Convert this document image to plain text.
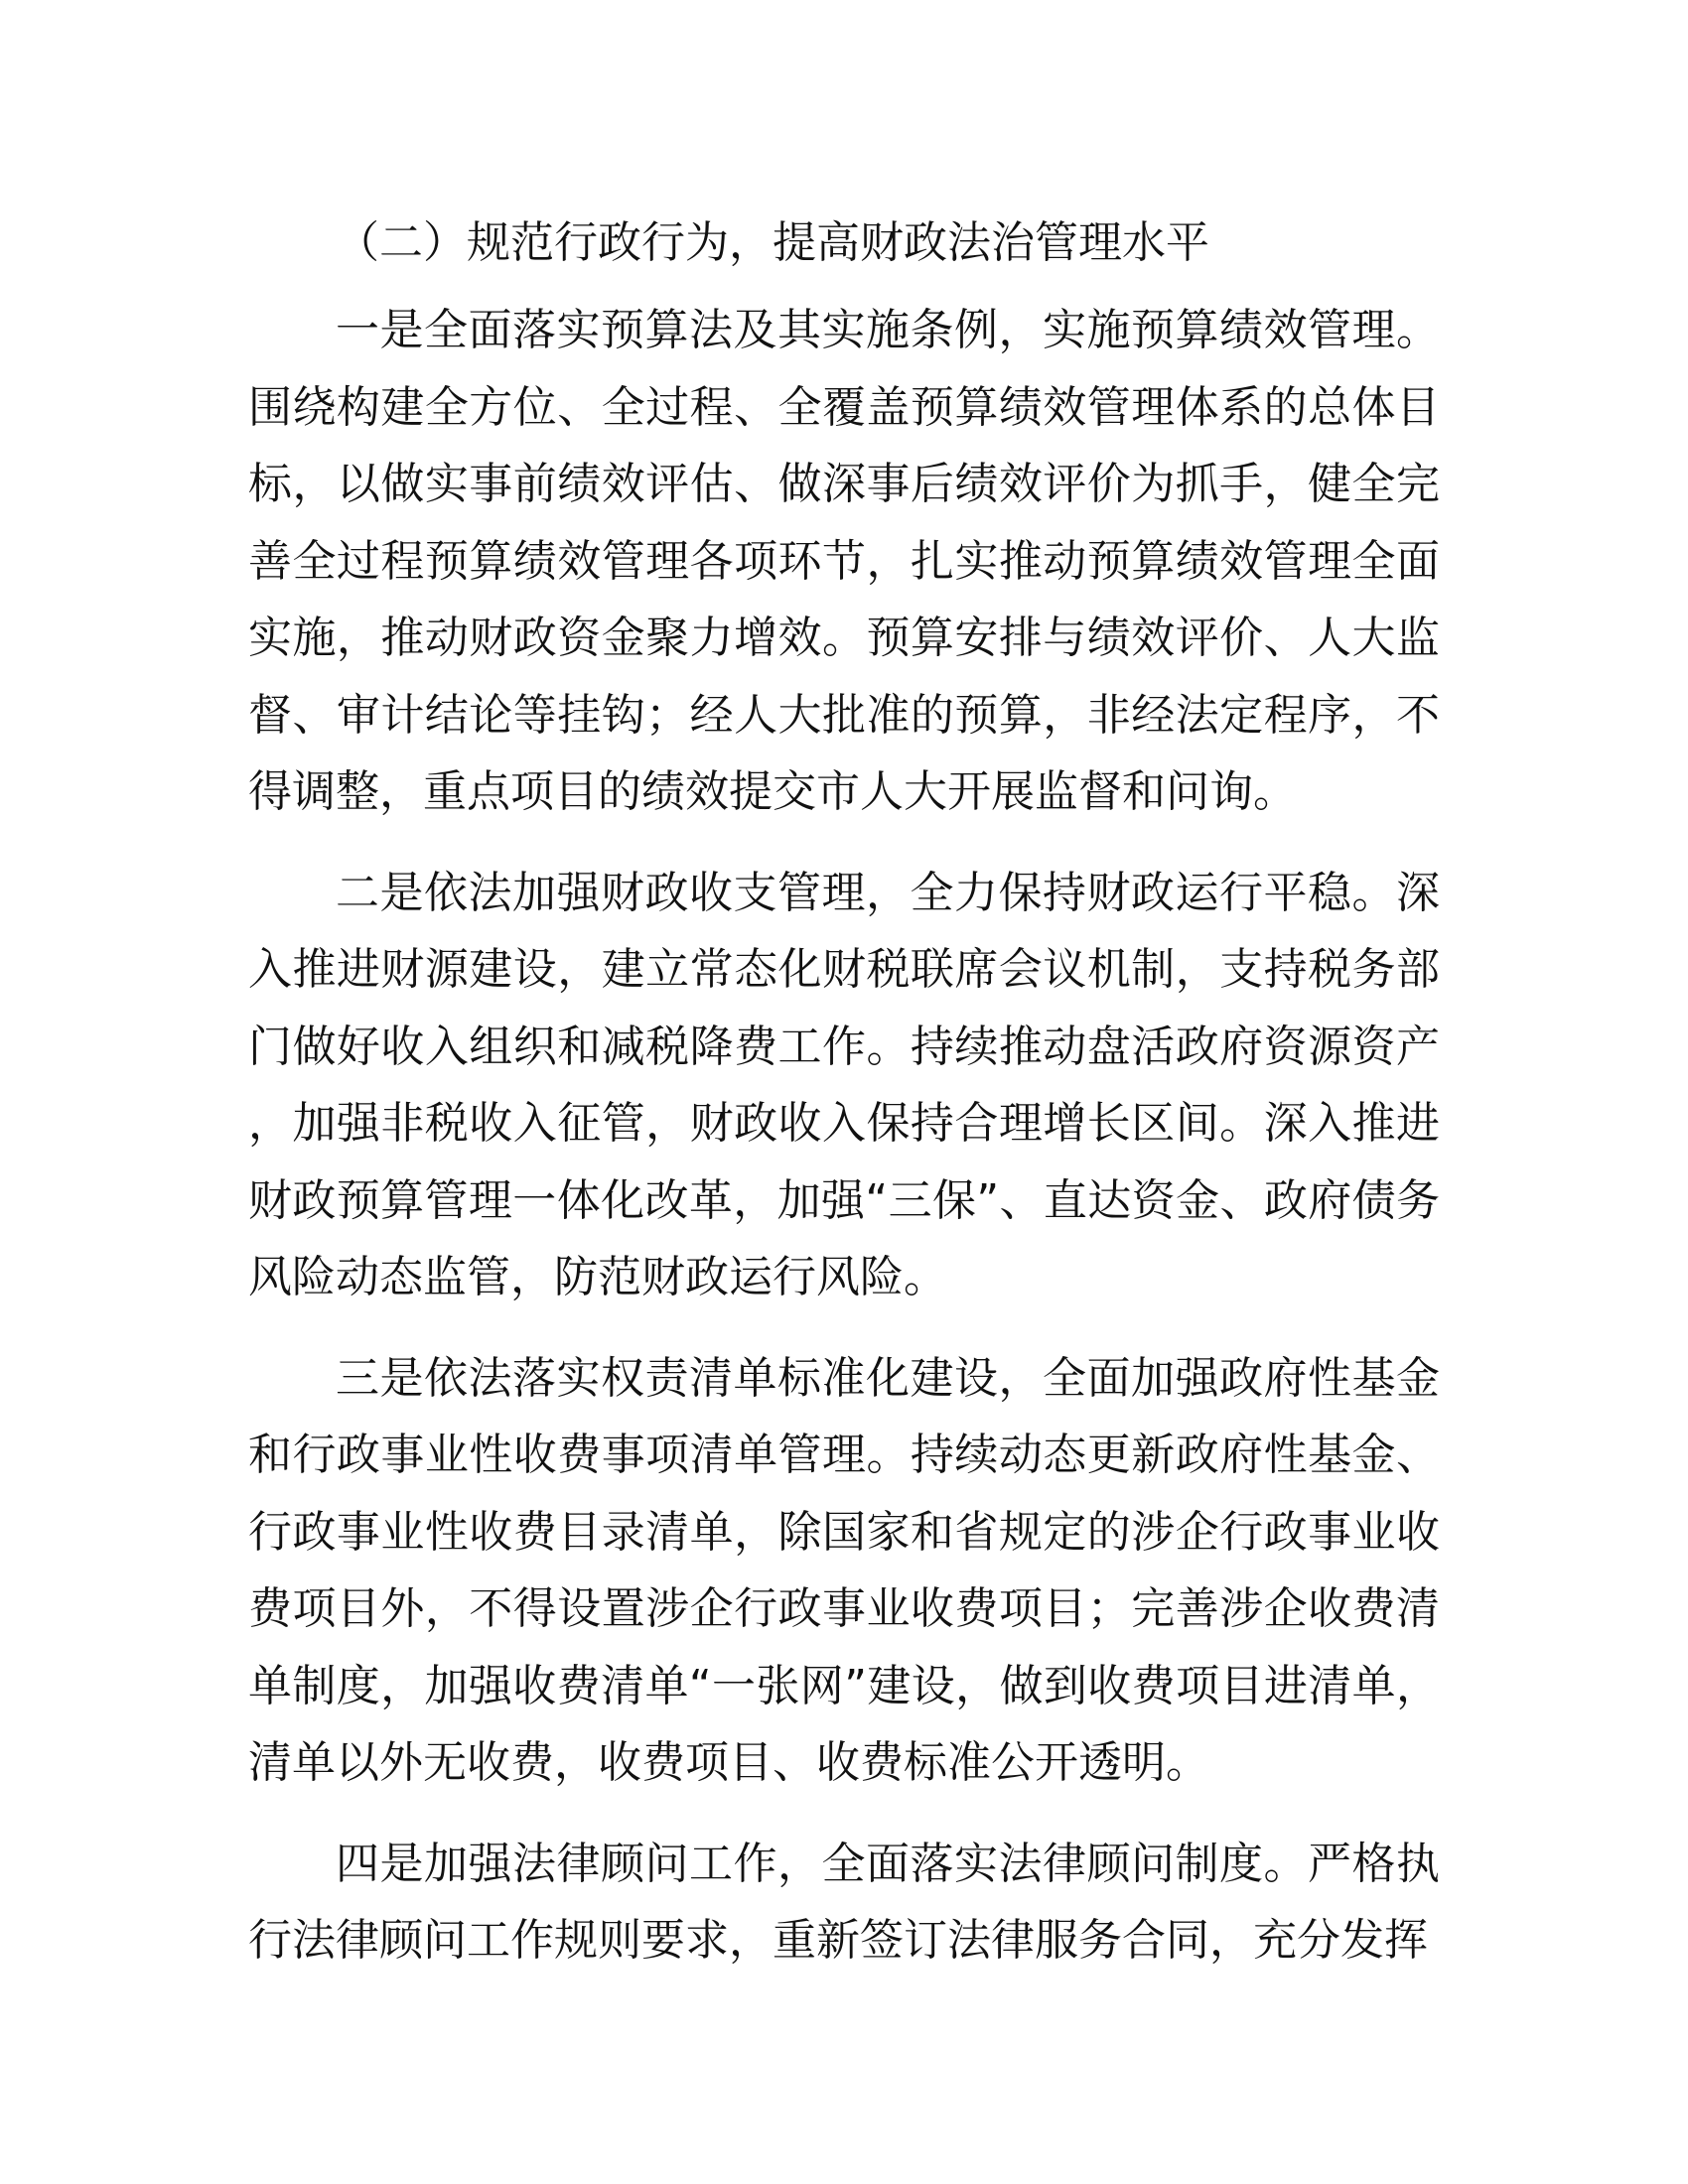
（二）规范行政行为，提高财政法治管理水平

一是全面落实预算法及其实施条例，实施预算绩效管理。围绕构建全方位、全过程、全覆盖预算绩效管理体系的总体目标，以做实事前绩效评估、做深事后绩效评价为抓手，健全完善全过程预算绩效管理各项环节，扎实推动预算绩效管理全面实施，推动财政资金聚力增效。预算安排与绩效评价、人大监督、审计结论等挂钩；经人大批准的预算，非经法定程序，不得调整，重点项目的绩效提交市人大开展监督和问询。

二是依法加强财政收支管理，全力保持财政运行平稳。深入推进财源建设，建立常态化财税联席会议机制，支持税务部门做好收入组织和减税降费工作。持续推动盘活政府资源资产，加强非税收入征管，财政收入保持合理增长区间。深入推进财政预算管理一体化改革，加强“三保”、直达资金、政府债务风险动态监管，防范财政运行风险。

三是依法落实权责清单标准化建设，全面加强政府性基金和行政事业性收费事项清单管理。持续动态更新政府性基金、行政事业性收费目录清单，除国家和省规定的涉企行政事业收费项目外，不得设置涉企行政事业收费项目；完善涉企收费清单制度，加强收费清单“一张网”建设，做到收费项目进清单，清单以外无收费，收费项目、收费标准公开透明。

四是加强法律顾问工作，全面落实法律顾问制度。严格执行法律顾问工作规则要求，重新签订法律服务合同，充分发挥
